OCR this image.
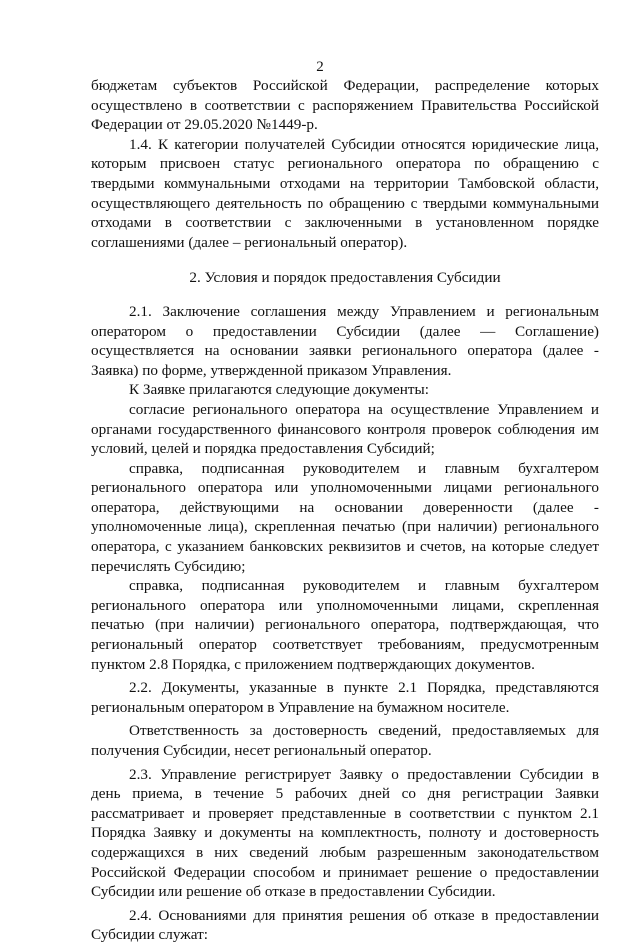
2

бюджетам субъектов Российской Федерации, распределение которых осуществлено в соответствии с распоряжением Правительства Российской Федерации от 29.05.2020 №1449-р.

1.4. К категории получателей Субсидии относятся юридические лица, которым присвоен статус регионального оператора по обращению с твердыми коммунальными отходами на территории Тамбовской области, осуществляющего деятельность по обращению с твердыми коммунальными отходами в соответствии с заключенными в установленном порядке соглашениями (далее – региональный оператор).

2. Условия и порядок предоставления Субсидии

2.1. Заключение соглашения между Управлением и региональным оператором о предоставлении Субсидии (далее — Соглашение) осуществляется на основании заявки регионального оператора (далее - Заявка) по форме, утвержденной приказом Управления.

К Заявке прилагаются следующие документы:

согласие регионального оператора на осуществление Управлением и органами государственного финансового контроля проверок соблюдения им условий, целей и порядка предоставления Субсидий;

справка, подписанная руководителем и главным бухгалтером регионального оператора или уполномоченными лицами регионального оператора, действующими на основании доверенности (далее - уполномоченные лица), скрепленная печатью (при наличии) регионального оператора, с указанием банковских реквизитов и счетов, на которые следует перечислять Субсидию;

справка, подписанная руководителем и главным бухгалтером регионального оператора или уполномоченными лицами, скрепленная печатью (при наличии) регионального оператора, подтверждающая, что региональный оператор соответствует требованиям, предусмотренным пунктом 2.8 Порядка, с приложением подтверждающих документов.

2.2. Документы, указанные в пункте 2.1 Порядка, представляются региональным оператором в Управление на бумажном носителе.

Ответственность за достоверность сведений, предоставляемых для получения Субсидии, несет региональный оператор.

2.3. Управление регистрирует Заявку о предоставлении Субсидии в день приема, в течение 5 рабочих дней со дня регистрации Заявки рассматривает и проверяет представленные в соответствии с пунктом 2.1 Порядка Заявку и документы на комплектность, полноту и достоверность содержащихся в них сведений любым разрешенным законодательством Российской Федерации способом и принимает решение о предоставлении Субсидии или решение об отказе в предоставлении Субсидии.

2.4. Основаниями для принятия решения об отказе в предоставлении Субсидии служат:
